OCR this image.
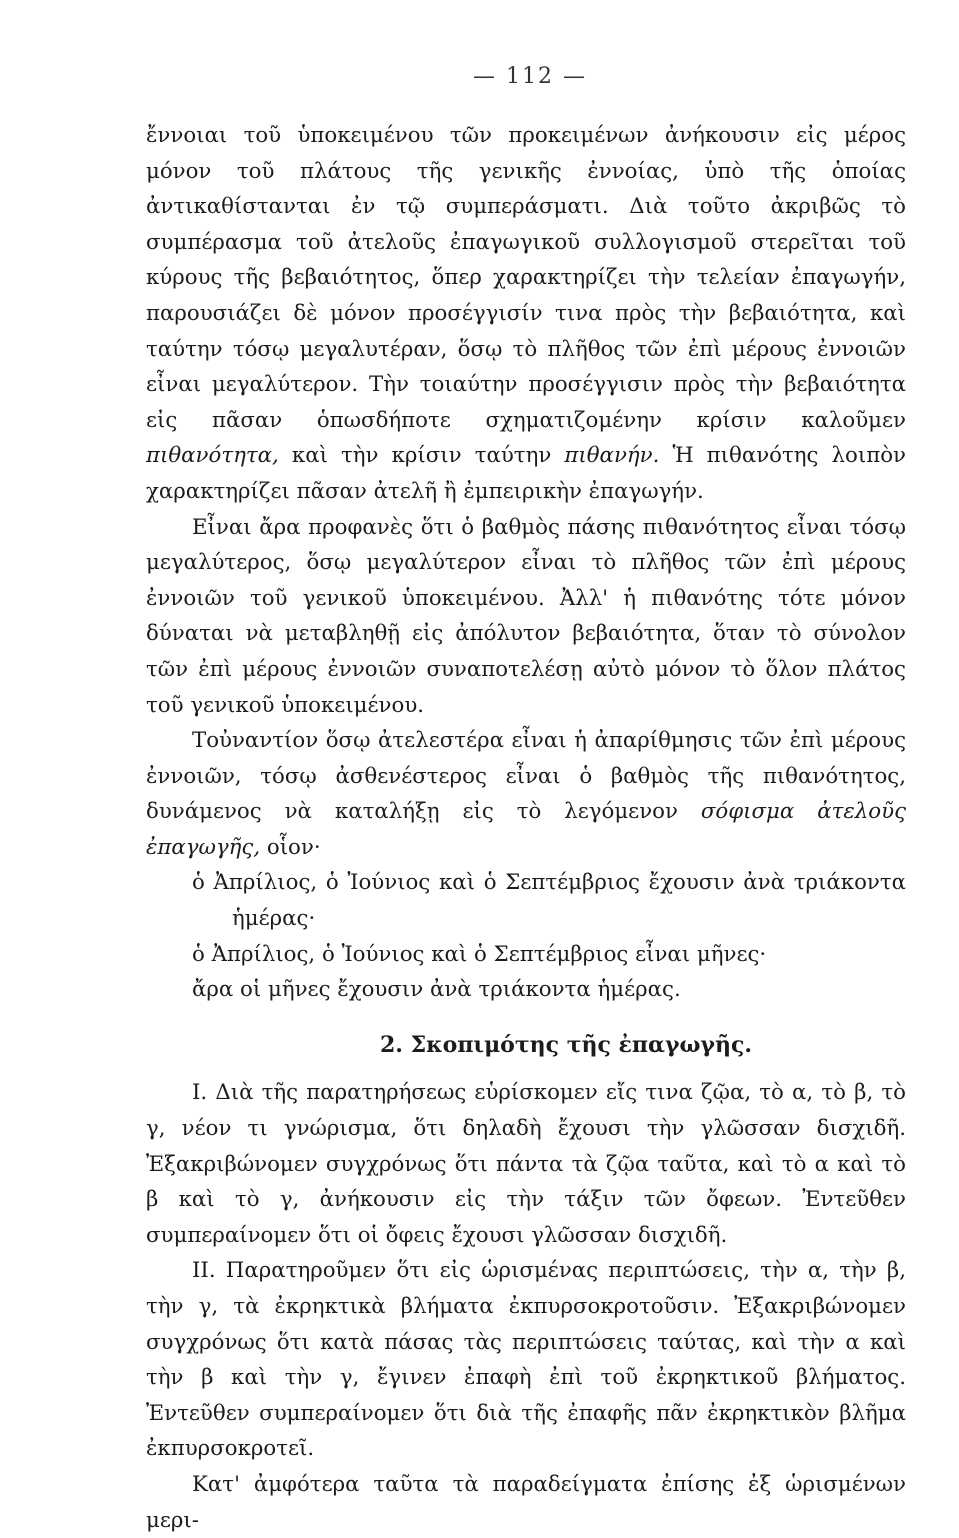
— 112 —

ἔννοιαι τοῦ ὑποκειμένου τῶν προκειμένων ἀνήκουσιν εἰς μέρος μόνον τοῦ πλάτους τῆς γενικῆς ἐννοίας, ὑπὸ τῆς ὁποίας ἀντικαθίστανται ἐν τῷ συμπεράσματι. Διὰ τοῦτο ἀκριβῶς τὸ συμπέρασμα τοῦ ἀτελοῦς ἐπαγωγικοῦ συλλογισμοῦ στερεῖται τοῦ κύρους τῆς βεβαιότητος, ὅπερ χαρακτηρίζει τὴν τελείαν ἐπαγωγήν, παρουσιάζει δὲ μόνον προσέγγισίν τινα πρὸς τὴν βεβαιότητα, καὶ ταύτην τόσῳ μεγαλυτέραν, ὅσῳ τὸ πλῆθος τῶν ἐπὶ μέρους ἐννοιῶν εἶναι μεγαλύτερον. Τὴν τοιαύτην προσέγγισιν πρὸς τὴν βεβαιότητα εἰς πᾶσαν ὁπωσδήποτε σχηματιζομένην κρίσιν καλοῦμεν πιθανότητα, καὶ τὴν κρίσιν ταύτην πιθανήν. Ἡ πιθανότης λοιπὸν χαρακτηρίζει πᾶσαν ἀτελῆ ἢ ἐμπειρικὴν ἐπαγωγήν.

Εἶναι ἄρα προφανὲς ὅτι ὁ βαθμὸς πάσης πιθανότητος εἶναι τόσῳ μεγαλύτερος, ὅσῳ μεγαλύτερον εἶναι τὸ πλῆθος τῶν ἐπὶ μέρους ἐννοιῶν τοῦ γενικοῦ ὑποκειμένου. Ἀλλ' ἡ πιθανότης τότε μόνον δύναται νὰ μεταβληθῇ εἰς ἀπόλυτον βεβαιότητα, ὅταν τὸ σύνολον τῶν ἐπὶ μέρους ἐννοιῶν συναποτελέσῃ αὐτὸ μόνον τὸ ὅλον πλάτος τοῦ γενικοῦ ὑποκειμένου.

Τοὐναντίον ὅσῳ ἀτελεστέρα εἶναι ἡ ἀπαρίθμησις τῶν ἐπὶ μέρους ἐννοιῶν, τόσῳ ἀσθενέστερος εἶναι ὁ βαθμὸς τῆς πιθανότητος, δυνάμενος νὰ καταλήξῃ εἰς τὸ λεγόμενον σόφισμα ἀτελοῦς ἐπαγωγῆς, οἷον·

ὁ Ἀπρίλιος, ὁ Ἰούνιος καὶ ὁ Σεπτέμβριος ἔχουσιν ἀνὰ τριάκοντα ἡμέρας·

ὁ Ἀπρίλιος, ὁ Ἰούνιος καὶ ὁ Σεπτέμβριος εἶναι μῆνες·

ἄρα οἱ μῆνες ἔχουσιν ἀνὰ τριάκοντα ἡμέρας.

2. Σκοπιμότης τῆς ἐπαγωγῆς.

I. Διὰ τῆς παρατηρήσεως εὑρίσκομεν εἴς τινα ζῷα, τὸ α, τὸ β, τὸ γ, νέον τι γνώρισμα, ὅτι δηλαδὴ ἔχουσι τὴν γλῶσσαν δισχιδῆ. Ἐξακριβώνομεν συγχρόνως ὅτι πάντα τὰ ζῷα ταῦτα, καὶ τὸ α καὶ τὸ β καὶ τὸ γ, ἀνήκουσιν εἰς τὴν τάξιν τῶν ὄφεων. Ἐντεῦθεν συμπεραίνομεν ὅτι οἱ ὄφεις ἔχουσι γλῶσσαν δισχιδῆ.

II. Παρατηροῦμεν ὅτι εἰς ὡρισμένας περιπτώσεις, τὴν α, τὴν β, τὴν γ, τὰ ἐκρηκτικὰ βλήματα ἐκπυρσοκροτοῦσιν. Ἐξακριβώνομεν συγχρόνως ὅτι κατὰ πάσας τὰς περιπτώσεις ταύτας, καὶ τὴν α καὶ τὴν β καὶ τὴν γ, ἔγινεν ἐπαφὴ ἐπὶ τοῦ ἐκρηκτικοῦ βλήματος. Ἐντεῦθεν συμπεραίνομεν ὅτι διὰ τῆς ἐπαφῆς πᾶν ἐκρηκτικὸν βλῆμα ἐκπυρσοκροτεῖ.

Κατ' ἀμφότερα ταῦτα τὰ παραδείγματα ἐπίσης ἐξ ὡρισμένων μερι-
